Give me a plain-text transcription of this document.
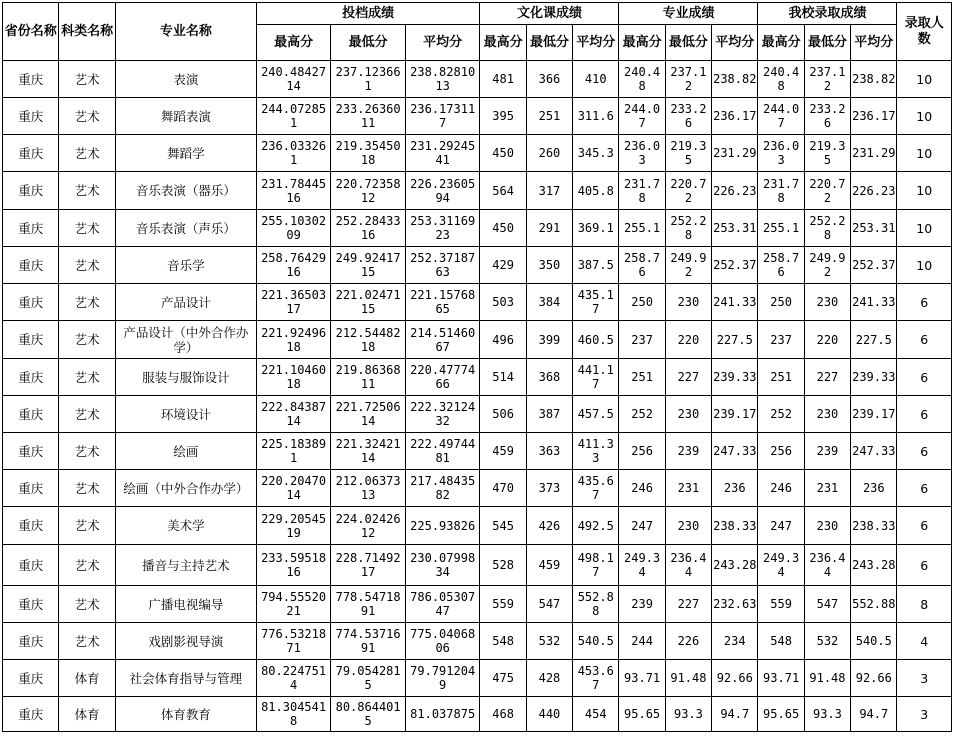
省份名称	科类名称	专业名称	投档成绩			文化课成绩			专业成绩			我校录取成绩			录取人数
			最高分	最低分	平均分	最高分	最低分	平均分	最高分	最低分	平均分	最高分	最低分	平均分	
重庆	艺术	表演	240.4842714	237.123661	238.8281013	481	366	410	240.48	237.12	238.82	240.48	237.12	238.82	10
重庆	艺术	舞蹈表演	244.072851	233.2636011	236.173117	395	251	311.6	244.07	233.26	236.17	244.07	233.26	236.17	10
重庆	艺术	舞蹈学	236.033261	219.3545018	231.2924541	450	260	345.3	236.03	219.35	231.29	236.03	219.35	231.29	10
重庆	艺术	音乐表演（器乐）	231.7844516	220.7235812	226.2360594	564	317	405.8	231.78	220.72	226.23	231.78	220.72	226.23	10
重庆	艺术	音乐表演（声乐）	255.1030209	252.2843316	253.3116923	450	291	369.1	255.1	252.28	253.31	255.1	252.28	253.31	10
重庆	艺术	音乐学	258.7642916	249.9241715	252.3718763	429	350	387.5	258.76	249.92	252.37	258.76	249.92	252.37	10
重庆	艺术	产品设计	221.3650317	221.0247115	221.1576865	503	384	435.17	250	230	241.33	250	230	241.33	6
重庆	艺术	产品设计（中外合作办学）	221.9249618	212.5448218	214.5146067	496	399	460.5	237	220	227.5	237	220	227.5	6
重庆	艺术	服装与服饰设计	221.1046018	219.8636811	220.4777466	514	368	441.17	251	227	239.33	251	227	239.33	6
重庆	艺术	环境设计	222.8438714	221.7250614	222.3212432	506	387	457.5	252	230	239.17	252	230	239.17	6
重庆	艺术	绘画	225.183891	221.3242114	222.4974481	459	363	411.33	256	239	247.33	256	239	247.33	6
重庆	艺术	绘画（中外合作办学）	220.2047014	212.0637313	217.4843582	470	373	435.67	246	231	236	246	231	236	6
重庆	艺术	美术学	229.2054519	224.0242612	225.93826	545	426	492.5	247	230	238.33	247	230	238.33	6
重庆	艺术	播音与主持艺术	233.5951816	228.7149217	230.0799834	528	459	498.17	249.34	236.44	243.28	249.34	236.44	243.28	6
重庆	艺术	广播电视编导	794.5552021	778.5471891	786.0530747	559	547	552.88	239	227	232.63	559	547	552.88	8
重庆	艺术	戏剧影视导演	776.5321871	774.5371691	775.0406806	548	532	540.5	244	226	234	548	532	540.5	4
重庆	体育	社会体育指导与管理	80.2247514	79.0542815	79.7912049	475	428	453.67	93.71	91.48	92.66	93.71	91.48	92.66	3
重庆	体育	体育教育	81.3045418	80.8644015	81.037875	468	440	454	95.65	93.3	94.7	95.65	93.3	94.7	3
